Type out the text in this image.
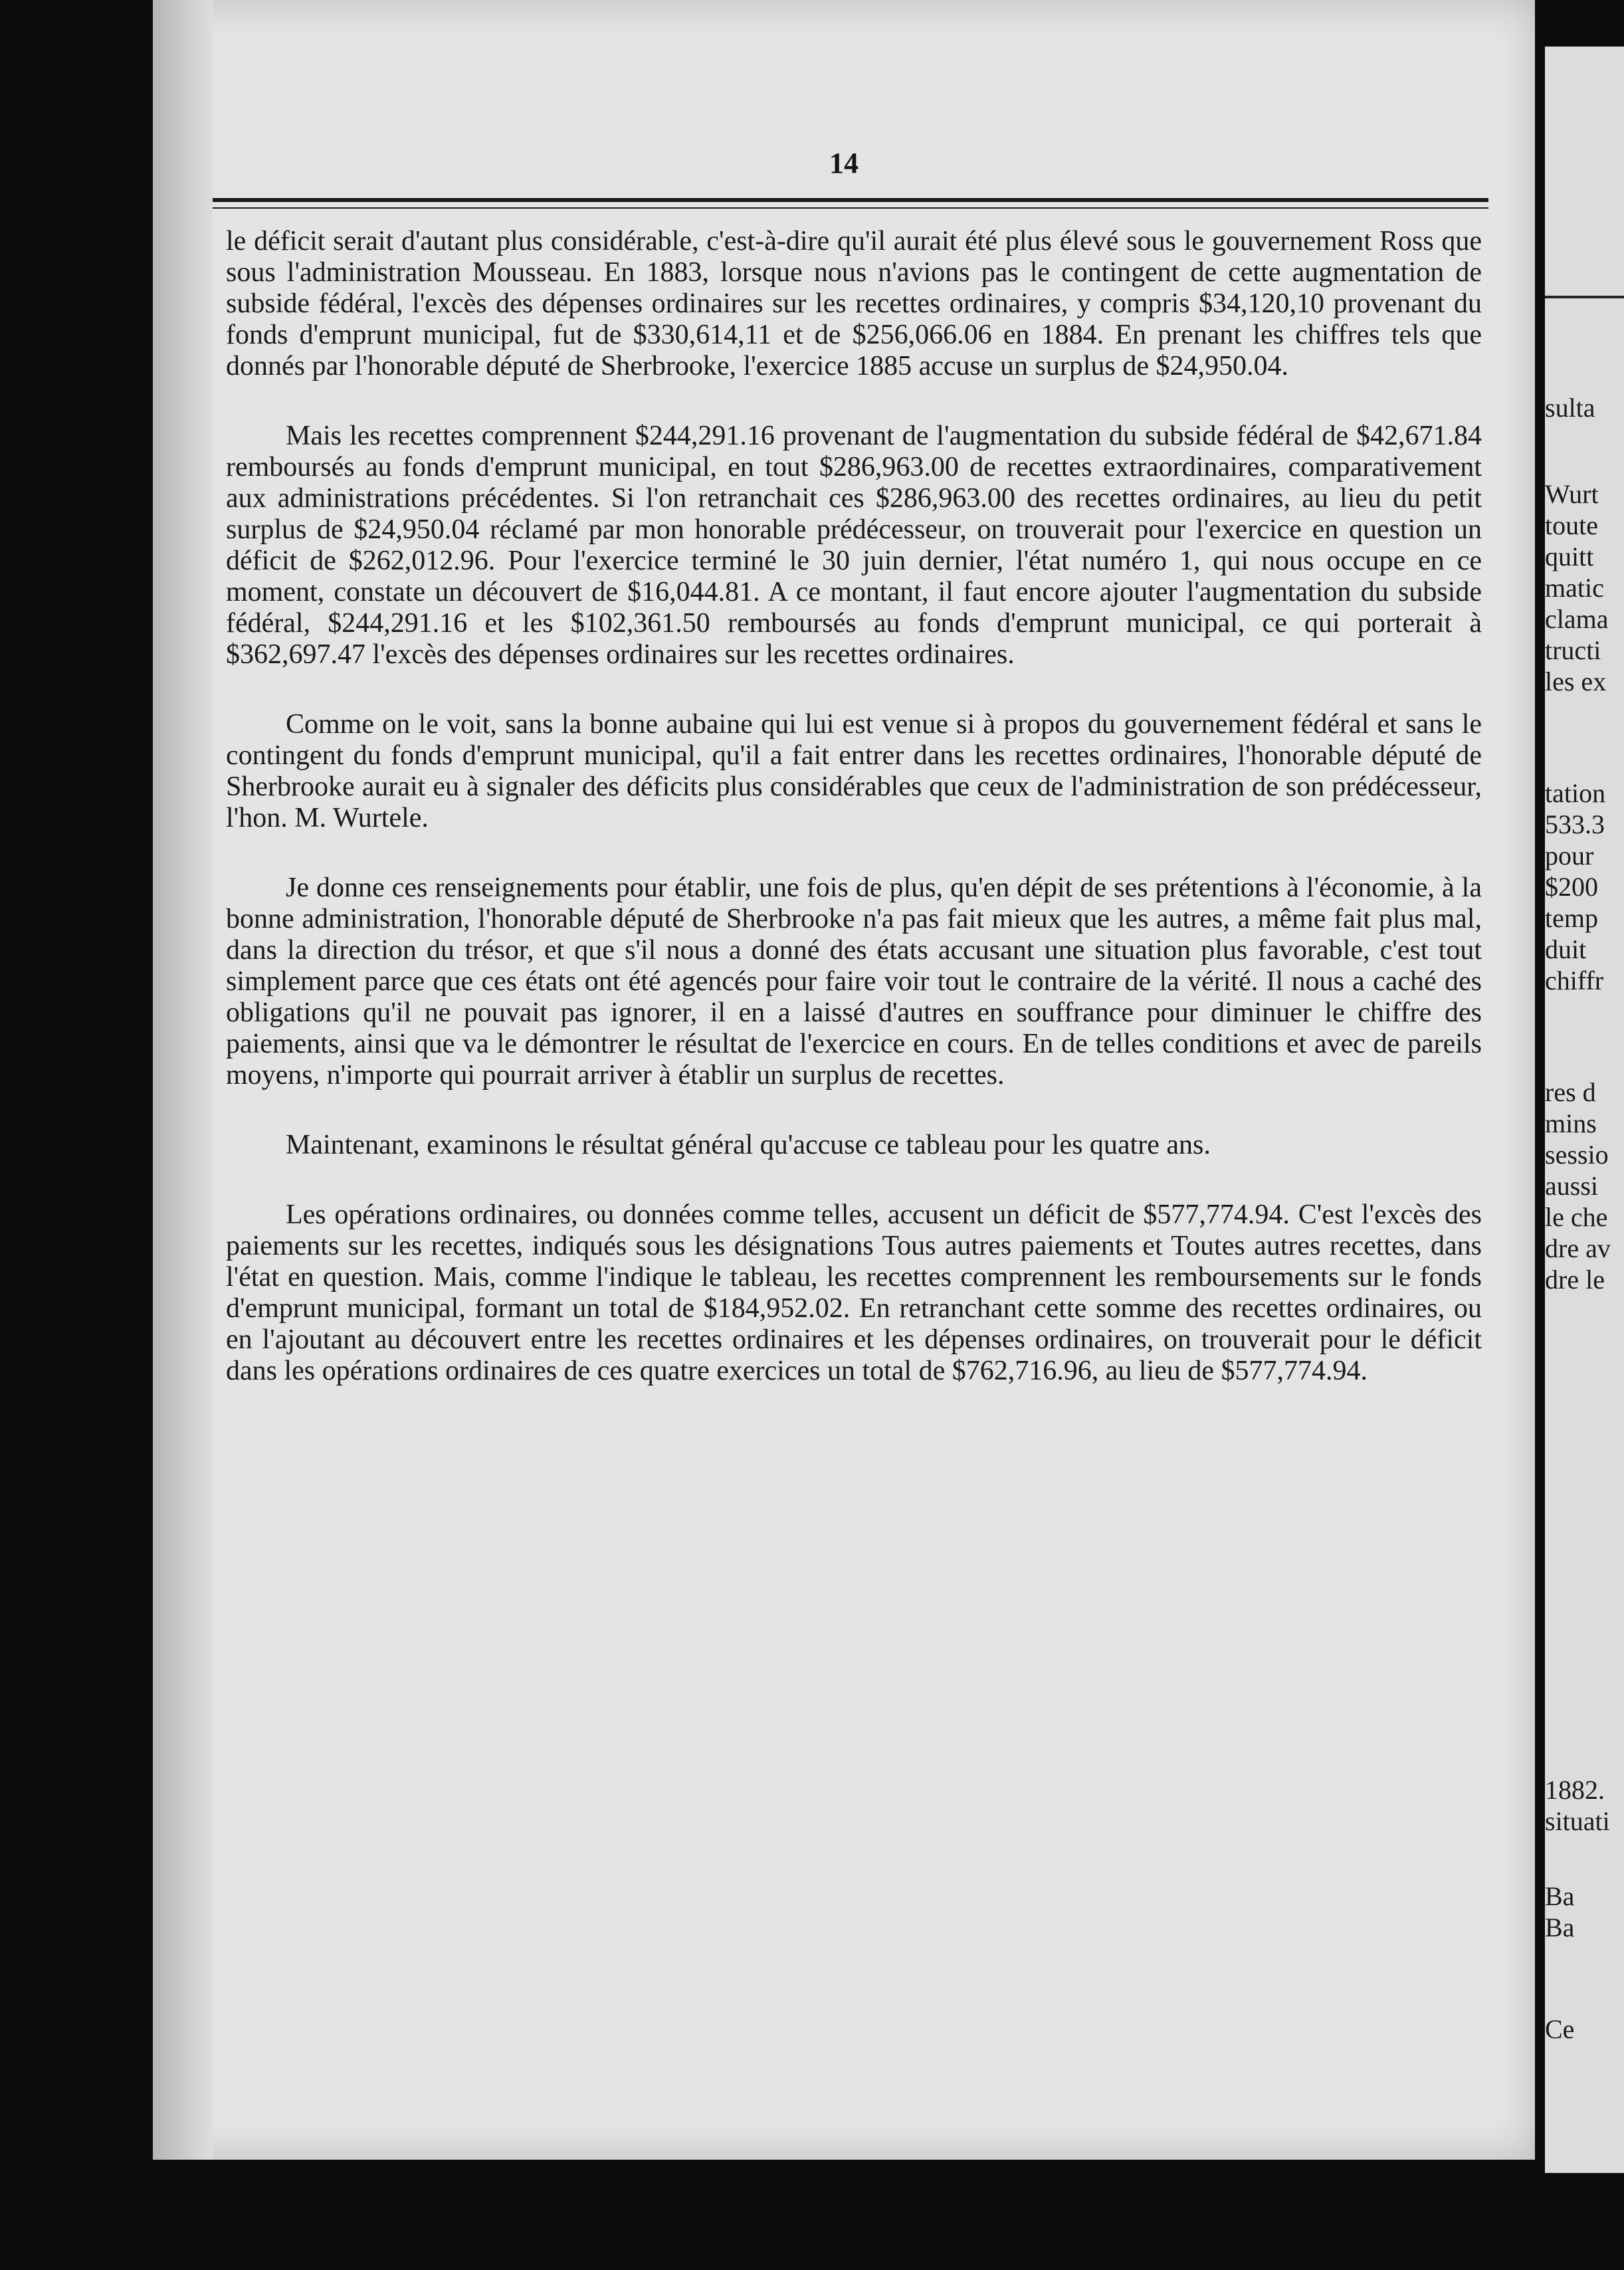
14

le déficit serait d'autant plus considérable, c'est-à-dire qu'il aurait été plus élevé sous le gouvernement Ross que sous l'administration Mousseau. En 1883, lorsque nous n'avions pas le contingent de cette augmentation de subside fédéral, l'excès des dépenses ordinaires sur les recettes ordinaires, y compris $34,120,10 provenant du fonds d'emprunt municipal, fut de $330,614,11 et de $256,066.06 en 1884. En prenant les chiffres tels que donnés par l'honorable député de Sherbrooke, l'exercice 1885 accuse un surplus de $24,950.04.

Mais les recettes comprennent $244,291.16 provenant de l'augmentation du subside fédéral de $42,671.84 remboursés au fonds d'emprunt municipal, en tout $286,963.00 de recettes extraordinaires, comparativement aux administrations précédentes. Si l'on retranchait ces $286,963.00 des recettes ordinaires, au lieu du petit surplus de $24,950.04 réclamé par mon honorable prédécesseur, on trouverait pour l'exercice en question un déficit de $262,012.96. Pour l'exercice terminé le 30 juin dernier, l'état numéro 1, qui nous occupe en ce moment, constate un découvert de $16,044.81. A ce montant, il faut encore ajouter l'augmentation du subside fédéral, $244,291.16 et les $102,361.50 remboursés au fonds d'emprunt municipal, ce qui porterait à $362,697.47 l'excès des dépenses ordinaires sur les recettes ordinaires.

Comme on le voit, sans la bonne aubaine qui lui est venue si à propos du gouvernement fédéral et sans le contingent du fonds d'emprunt municipal, qu'il a fait entrer dans les recettes ordinaires, l'honorable député de Sherbrooke aurait eu à signaler des déficits plus considérables que ceux de l'administration de son prédécesseur, l'hon. M. Wurtele.

Je donne ces renseignements pour établir, une fois de plus, qu'en dépit de ses prétentions à l'économie, à la bonne administration, l'honorable député de Sherbrooke n'a pas fait mieux que les autres, a même fait plus mal, dans la direction du trésor, et que s'il nous a donné des états accusant une situation plus favorable, c'est tout simplement parce que ces états ont été agencés pour faire voir tout le contraire de la vérité. Il nous a caché des obligations qu'il ne pouvait pas ignorer, il en a laissé d'autres en souffrance pour diminuer le chiffre des paiements, ainsi que va le démontrer le résultat de l'exercice en cours. En de telles conditions et avec de pareils moyens, n'importe qui pourrait arriver à établir un surplus de recettes.

Maintenant, examinons le résultat général qu'accuse ce tableau pour les quatre ans.

Les opérations ordinaires, ou données comme telles, accusent un déficit de $577,774.94. C'est l'excès des paiements sur les recettes, indiqués sous les désignations Tous autres paiements et Toutes autres recettes, dans l'état en question. Mais, comme l'indique le tableau, les recettes comprennent les remboursements sur le fonds d'emprunt municipal, formant un total de $184,952.02. En retranchant cette somme des recettes ordinaires, ou en l'ajoutant au découvert entre les recettes ordinaires et les dépenses ordinaires, on trouverait pour le déficit dans les opérations ordinaires de ces quatre exercices un total de $762,716.96, au lieu de $577,774.94.

sulta
Wurt
toute
quitt
matic
clama
tructi
les ex
tation
533.3
pour
$200
temp
duit
chiffr
res d
mins
sessio
aussi
le che
dre av
dre le
1882.
situati
Ba
Ba
Ce
